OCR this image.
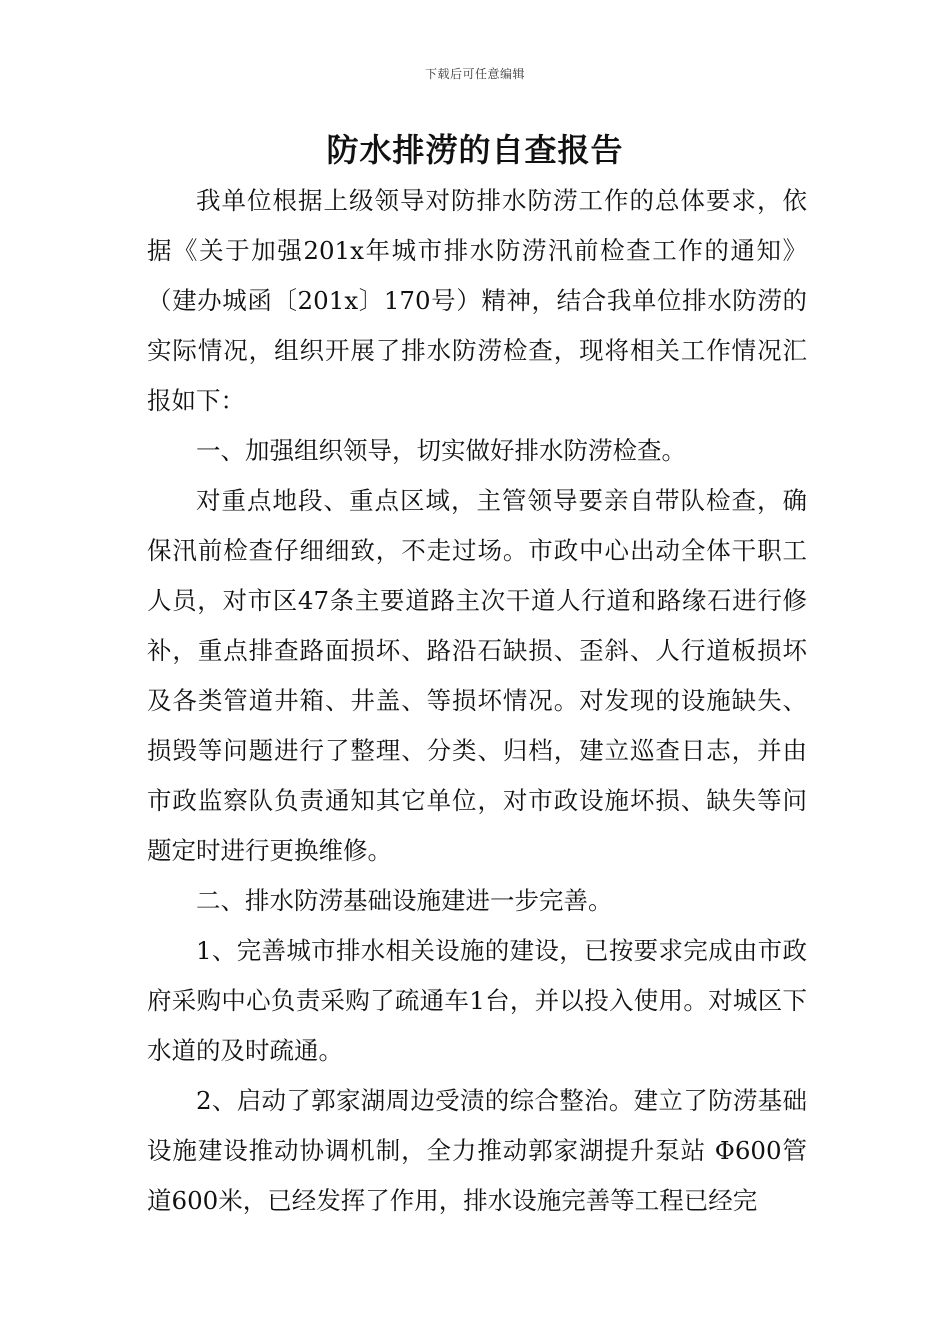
下载后可任意编辑
防水排涝的自查报告

我单位根据上级领导对防排水防涝工作的总体要求，依据《关于加强201x年城市排水防涝汛前检查工作的通知》（建办城函〔201x〕170号）精神，结合我单位排水防涝的实际情况，组织开展了排水防涝检查，现将相关工作情况汇报如下：

一、加强组织领导，切实做好排水防涝检查。

对重点地段、重点区域，主管领导要亲自带队检查，确保汛前检查仔细细致，不走过场。市政中心出动全体干职工人员，对市区47条主要道路主次干道人行道和路缘石进行修补，重点排查路面损坏、路沿石缺损、歪斜、人行道板损坏及各类管道井箱、井盖、等损坏情况。对发现的设施缺失、损毁等问题进行了整理、分类、归档，建立巡查日志，并由市政监察队负责通知其它单位，对市政设施坏损、缺失等问题定时进行更换维修。

二、排水防涝基础设施建进一步完善。

1、完善城市排水相关设施的建设，已按要求完成由市政府采购中心负责采购了疏通车1台，并以投入使用。对城区下水道的及时疏通。

2、启动了郭家湖周边受渍的综合整治。建立了防涝基础设施建设推动协调机制，全力推动郭家湖提升泵站 Φ600管道600米，已经发挥了作用，排水设施完善等工程已经完
